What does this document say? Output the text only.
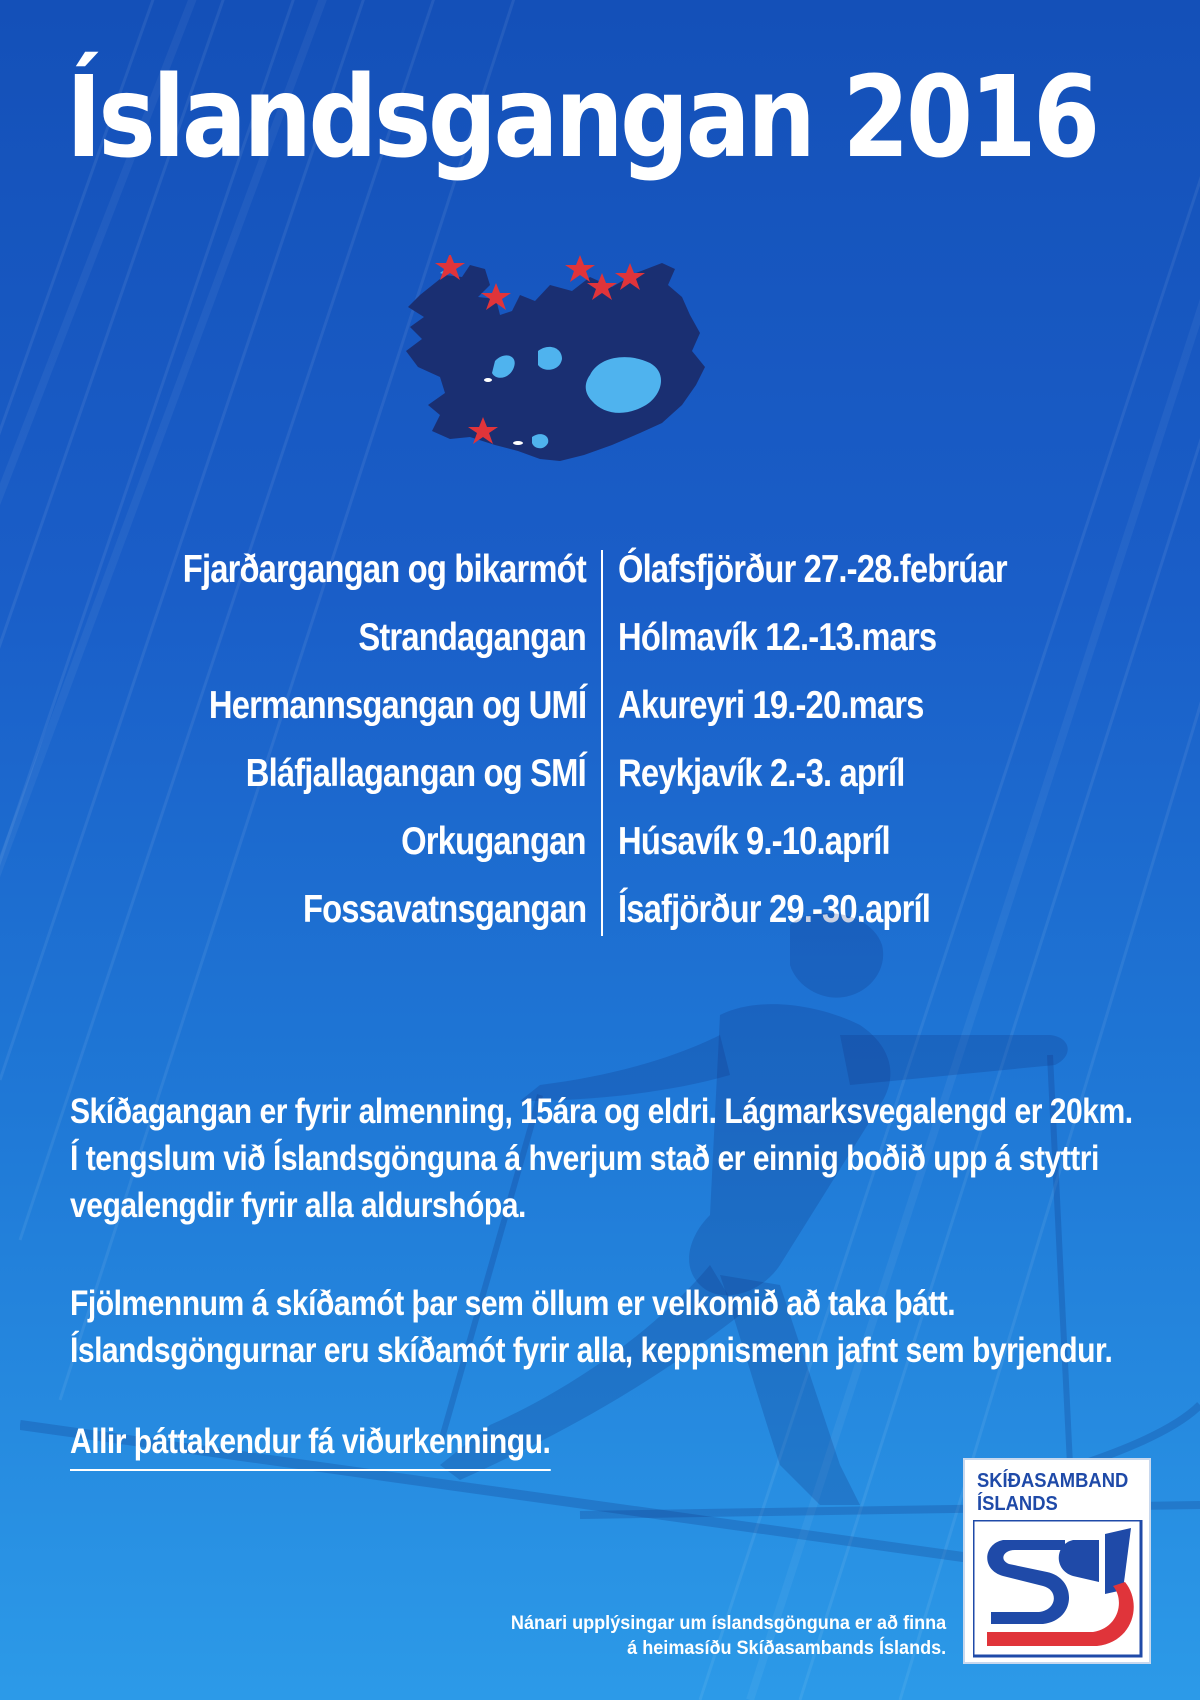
Íslandsgangan 2016
Fjarðargangan og bikarmót Ólafsfjörður 27.-28.febrúar
Strandagangan Hólmavík 12.-13.mars
Hermannsgangan og UMÍ Akureyri 19.-20.mars
Bláfjallagangan og SMÍ Reykjavík 2.-3. apríl
Orkugangan Húsavík 9.-10.apríl
Fossavatnsgangan Ísafjörður 29.-30.apríl

Skíðagangan er fyrir almenning, 15ára og eldri. Lágmarksvegalengd er 20km.
Í tengslum við Íslandsgönguna á hverjum stað er einnig boðið upp á styttri
vegalengdir fyrir alla aldurshópa.

Fjölmennum á skíðamót þar sem öllum er velkomið að taka þátt.
Íslandsgöngurnar eru skíðamót fyrir alla, keppnismenn jafnt sem byrjendur.

Allir þáttakendur fá viðurkenningu.

Nánari upplýsingar um íslandsgönguna er að finna
á heimasíðu Skíðasambands Íslands.

SKÍÐASAMBAND
ÍSLANDS
